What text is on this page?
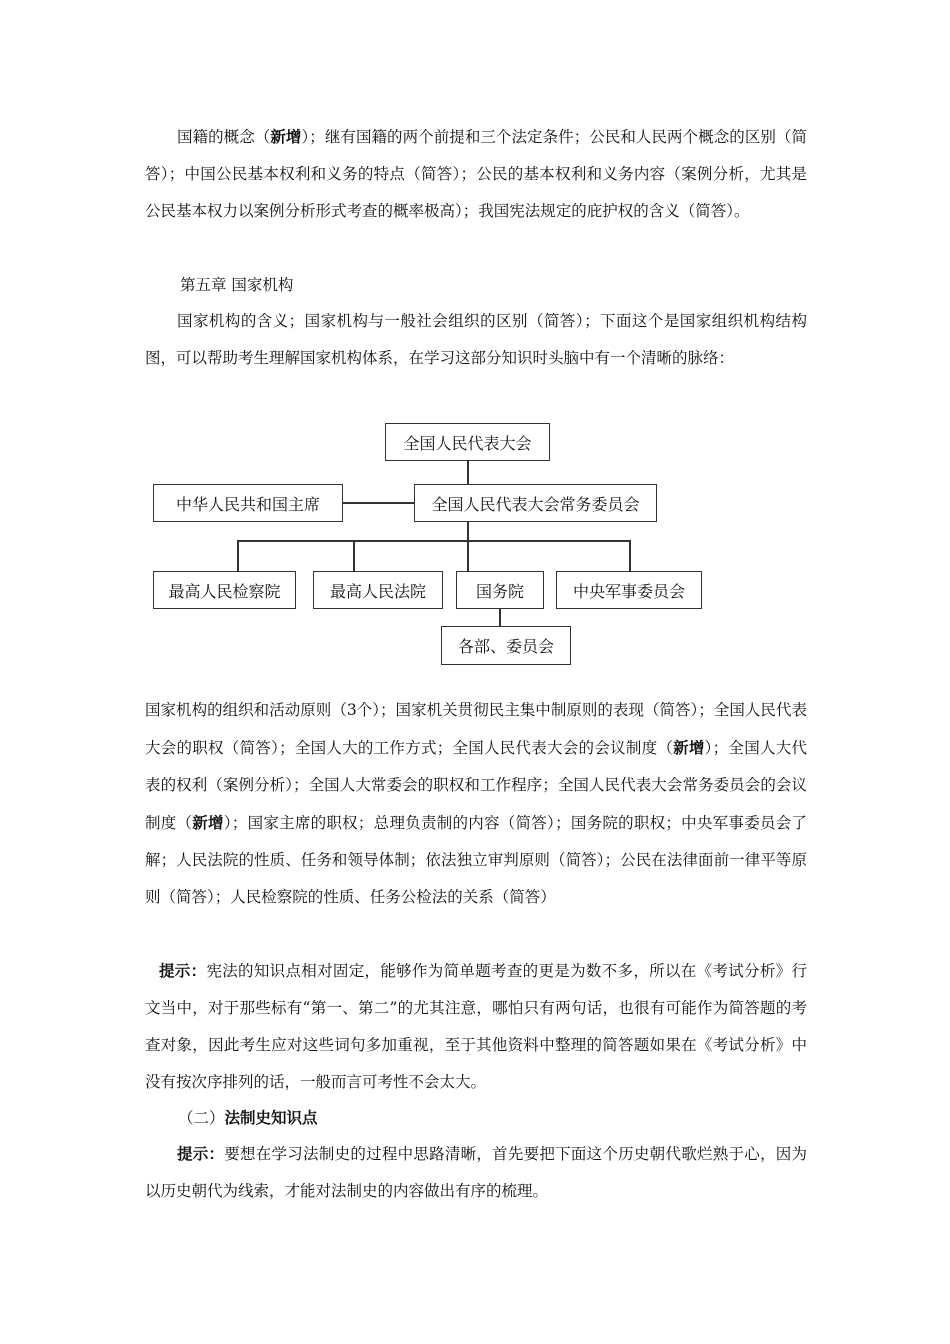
国籍的概念（新增）；继有国籍的两个前提和三个法定条件；公民和人民两个概念的区别（简答）；中国公民基本权利和义务的特点（简答）；公民的基本权利和义务内容（案例分析，尤其是公民基本权力以案例分析形式考查的概率极高）；我国宪法规定的庇护权的含义（简答）。

第五章 国家机构

国家机构的含义；国家机构与一般社会组织的区别（简答）；下面这个是国家组织机构结构图，可以帮助考生理解国家机构体系，在学习这部分知识时头脑中有一个清晰的脉络：

全国人民代表大会
中华人民共和国主席	全国人民代表大会常务委员会
最高人民检察院	最高人民法院	国务院	中央军事委员会
各部、委员会

国家机构的组织和活动原则（3个）；国家机关贯彻民主集中制原则的表现（简答）；全国人民代表大会的职权（简答）；全国人大的工作方式；全国人民代表大会的会议制度（新增）；全国人大代表的权利（案例分析）；全国人大常委会的职权和工作程序；全国人民代表大会常务委员会的会议制度（新增）；国家主席的职权；总理负责制的内容（简答）；国务院的职权；中央军事委员会了解；人民法院的性质、任务和领导体制；依法独立审判原则（简答）；公民在法律面前一律平等原则（简答）；人民检察院的性质、任务公检法的关系（简答）

提示：宪法的知识点相对固定，能够作为简单题考查的更是为数不多，所以在《考试分析》行文当中，对于那些标有“第一、第二”的尤其注意，哪怕只有两句话，也很有可能作为简答题的考查对象，因此考生应对这些词句多加重视，至于其他资料中整理的简答题如果在《考试分析》中没有按次序排列的话，一般而言可考性不会太大。

（二）法制史知识点

提示：要想在学习法制史的过程中思路清晰，首先要把下面这个历史朝代歌烂熟于心，因为以历史朝代为线索，才能对法制史的内容做出有序的梳理。
